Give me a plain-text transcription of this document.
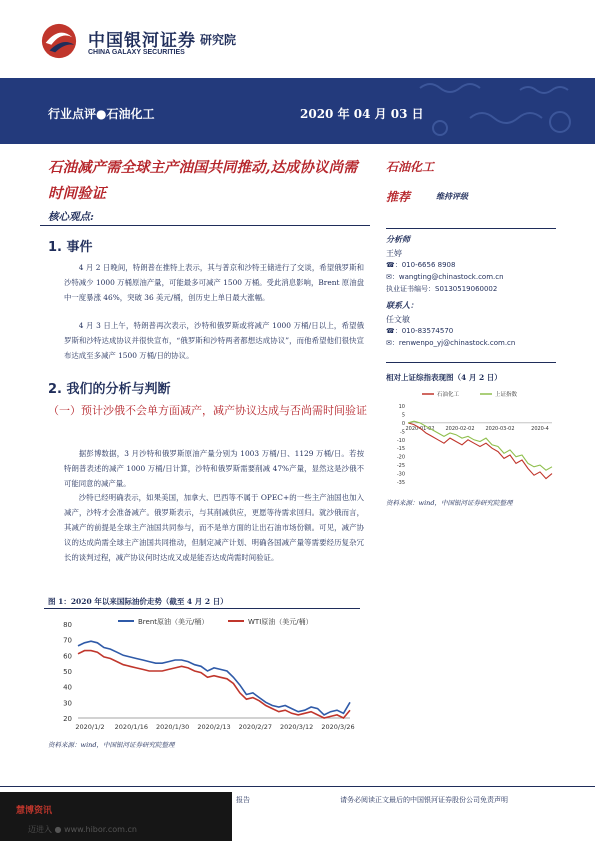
中国银河证券
CHINA GALAXY SECURITIES
研究院
行业点评●石油化工	2020 年 04 月 03 日
石油减产需全球主产油国共同推动,达成协议尚需时间验证
核心观点:
1. 事件
4 月 2 日晚间，特朗普在推特上表示，其与普京和沙特王储进行了交谈，希望俄罗斯和沙特减少 1000 万桶原油产量，可能最多可减产 1500 万桶。受此消息影响，Brent 原油盘中一度暴涨 46%，突破 36 美元/桶，创历史上单日最大涨幅。
4 月 3 日上午，特朗普再次表示，沙特和俄罗斯或将减产 1000 万桶/日以上，希望俄罗斯和沙特达成协议并很快宣布，“俄罗斯和沙特两者都想达成协议”，而他希望他们很快宣布达成至多减产 1500 万桶/日的协议。
2. 我们的分析与判断
（一）预计沙俄不会单方面减产，减产协议达成与否尚需时间验证
据彭博数据，3 月沙特和俄罗斯原油产量分别为 1003 万桶/日、1129 万桶/日。若按特朗普表述的减产 1000 万桶/日计算，沙特和俄罗斯需要削减 47%产量，显然这是沙俄不可能同意的减产量。
沙特已经明确表示，如果美国，加拿大、巴西等不属于 OPEC+的一些主产油国也加入减产，沙特才会准备减产。俄罗斯表示，与其削减供应，更愿等待需求回归。就沙俄而言，其减产的前提是全球主产油国共同参与，而不是单方面的让出石油市场份额。可见，减产协议的达成尚需全球主产油国共同推动，但制定减产计划、明确各国减产量等需要经历复杂冗长的谈判过程，减产协议何时达成又或是能否达成尚需时间验证。
石油化工
推荐	维持评级
分析师
王婷
☎：010-6656 8908
✉：wangting@chinastock.com.cn
执业证书编号：S0130519060002
联系人：
任文敏
☎：010-83574570
✉：renwenpo_yj@chinastock.com.cn
相对上证综指表现图（4 月 2 日）
10
5
0
-5
-10
-15
-20
-25
-30
-35
2020-01-02 2020-02-02 2020-03-02	2020-4
石油化工	上证指数
资料来源：wind，中国银河证券研究院整理
图 1：2020 年以来国际油价走势（截至 4 月 2 日）
20
30
40
50
60
70
80
2020/1/2 2020/1/16 2020/1/30 2020/2/13 2020/2/27 2020/3/12 2020/3/26
Brent原油（美元/桶）	WTI原油（美元/桶）
资料来源：wind，中国银河证券研究院整理
慧博资讯
迈进入 ● www.hibor.com.cn
报告	请务必阅读正文最后的中国银河证券股份公司免责声明
